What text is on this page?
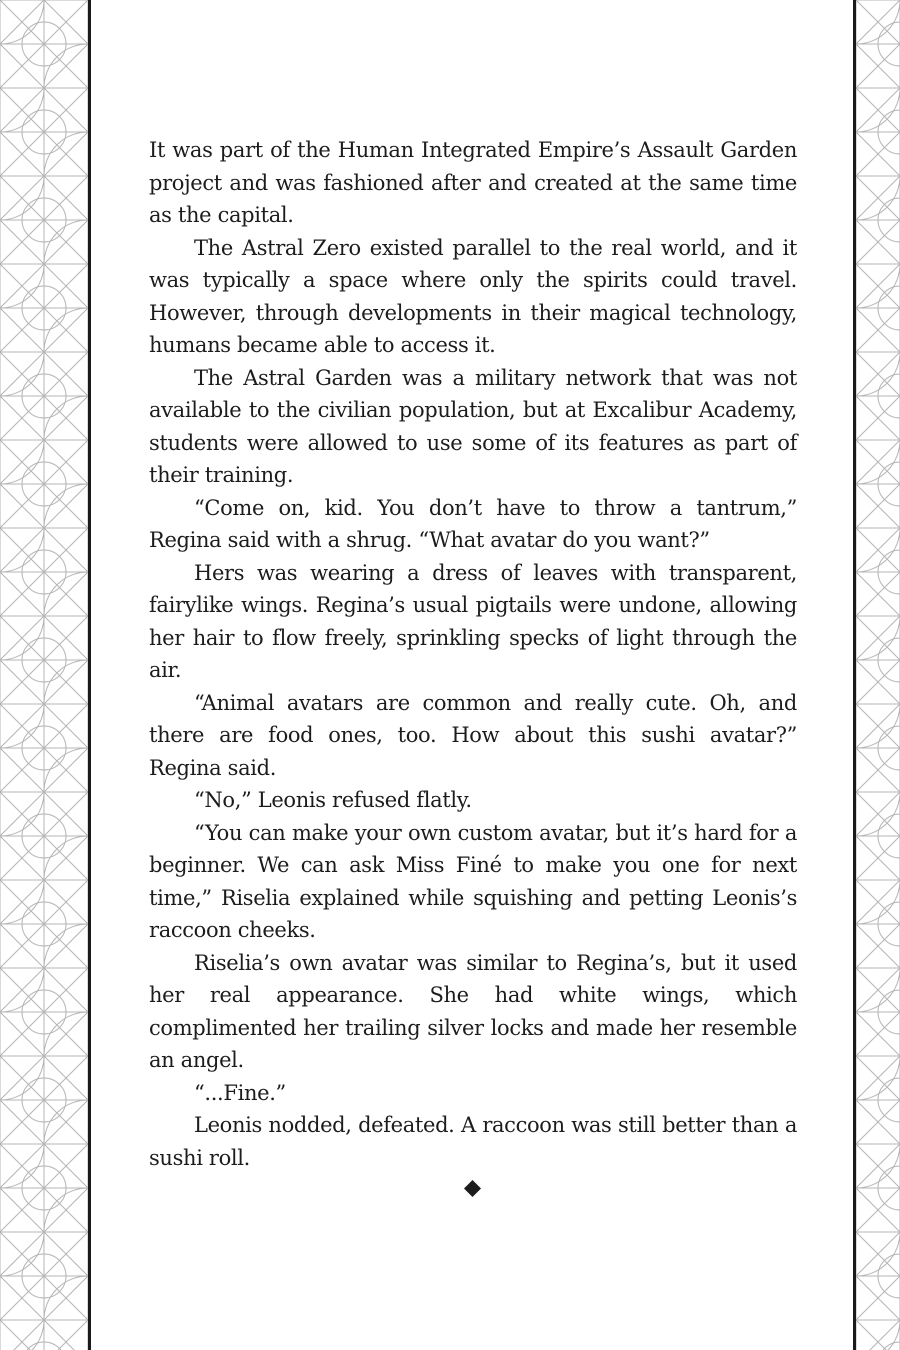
It was part of the Human Integrated Empire’s Assault Garden project and was fashioned after and created at the same time as the capital.

The Astral Zero existed parallel to the real world, and it was typically a space where only the spirits could travel. However, through developments in their magical technology, humans became able to access it.

The Astral Garden was a military network that was not available to the civilian population, but at Excalibur Academy, students were allowed to use some of its features as part of their training.

“Come on, kid. You don’t have to throw a tantrum,” Regina said with a shrug. “What avatar do you want?”

Hers was wearing a dress of leaves with transparent, fairylike wings. Regina’s usual pigtails were undone, allowing her hair to flow freely, sprinkling specks of light through the air.

“Animal avatars are common and really cute. Oh, and there are food ones, too. How about this sushi avatar?” Regina said.

“No,” Leonis refused flatly.

“You can make your own custom avatar, but it’s hard for a beginner. We can ask Miss Finé to make you one for next time,” Riselia explained while squishing and petting Leonis’s raccoon cheeks.

Riselia’s own avatar was similar to Regina’s, but it used her real appearance. She had white wings, which complimented her trailing silver locks and made her resemble an angel.

“...Fine.”

Leonis nodded, defeated. A raccoon was still better than a sushi roll.
